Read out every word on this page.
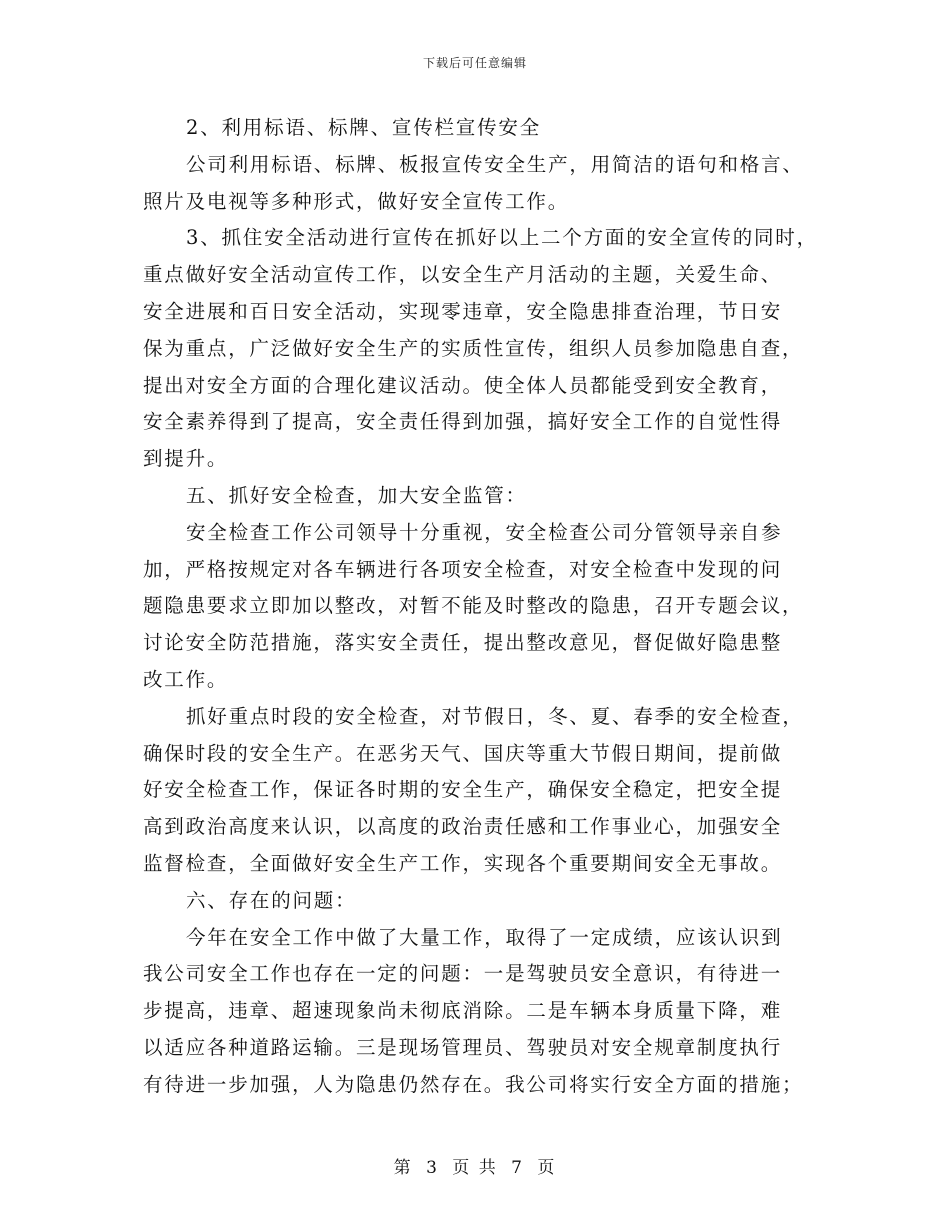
下载后可任意编辑
2、利用标语、标牌、宣传栏宣传安全
公司利用标语、标牌、板报宣传安全生产，用简洁的语句和格言、
照片及电视等多种形式，做好安全宣传工作。
3、抓住安全活动进行宣传在抓好以上二个方面的安全宣传的同时，
重点做好安全活动宣传工作，以安全生产月活动的主题，关爱生命、
安全进展和百日安全活动，实现零违章，安全隐患排查治理，节日安
保为重点，广泛做好安全生产的实质性宣传，组织人员参加隐患自查，
提出对安全方面的合理化建议活动。使全体人员都能受到安全教育，
安全素养得到了提高，安全责任得到加强，搞好安全工作的自觉性得
到提升。
五、抓好安全检查，加大安全监管：
安全检查工作公司领导十分重视，安全检查公司分管领导亲自参
加，严格按规定对各车辆进行各项安全检查，对安全检查中发现的问
题隐患要求立即加以整改，对暂不能及时整改的隐患，召开专题会议，
讨论安全防范措施，落实安全责任，提出整改意见，督促做好隐患整
改工作。
抓好重点时段的安全检查，对节假日，冬、夏、春季的安全检查，
确保时段的安全生产。在恶劣天气、国庆等重大节假日期间，提前做
好安全检查工作，保证各时期的安全生产，确保安全稳定，把安全提
高到政治高度来认识，以高度的政治责任感和工作事业心，加强安全
监督检查，全面做好安全生产工作，实现各个重要期间安全无事故。
六、存在的问题：
今年在安全工作中做了大量工作，取得了一定成绩，应该认识到
我公司安全工作也存在一定的问题：一是驾驶员安全意识，有待进一
步提高，违章、超速现象尚未彻底消除。二是车辆本身质量下降，难
以适应各种道路运输。三是现场管理员、驾驶员对安全规章制度执行
有待进一步加强，人为隐患仍然存在。我公司将实行安全方面的措施；
第 3 页 共 7 页
